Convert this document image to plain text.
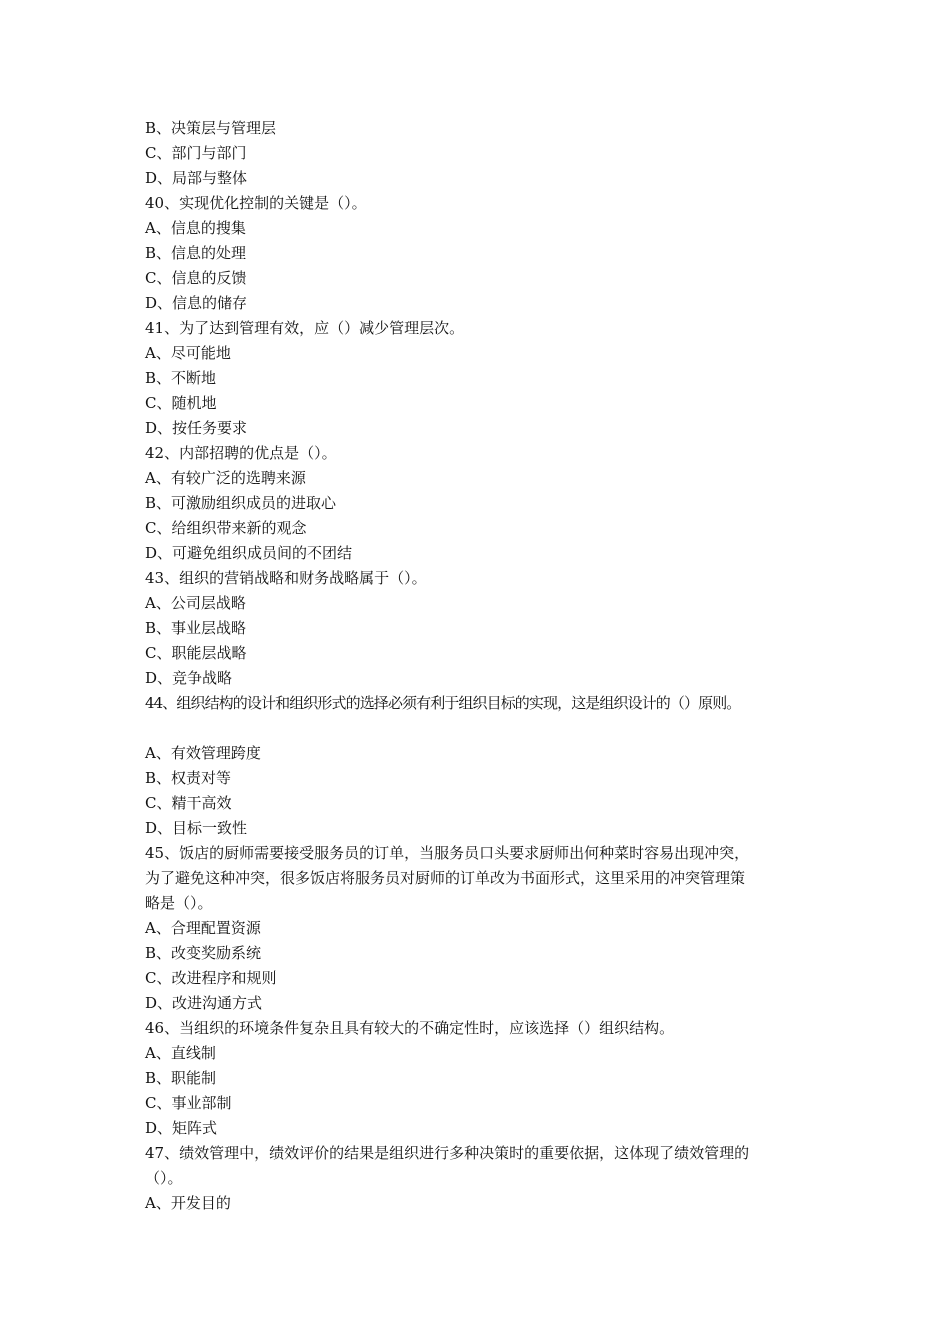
B、决策层与管理层
C、部门与部门
D、局部与整体
40、实现优化控制的关键是（）。
A、信息的搜集
B、信息的处理
C、信息的反馈
D、信息的储存
41、为了达到管理有效，应（）减少管理层次。
A、尽可能地
B、不断地
C、随机地
D、按任务要求
42、内部招聘的优点是（）。
A、有较广泛的选聘来源
B、可激励组织成员的进取心
C、给组织带来新的观念
D、可避免组织成员间的不团结
43、组织的营销战略和财务战略属于（）。
A、公司层战略
B、事业层战略
C、职能层战略
D、竞争战略
44、组织结构的设计和组织形式的选择必须有利于组织目标的实现，这是组织设计的（）原则。
A、有效管理跨度
B、权责对等
C、精干高效
D、目标一致性
45、饭店的厨师需要接受服务员的订单，当服务员口头要求厨师出何种菜时容易出现冲突，
为了避免这种冲突，很多饭店将服务员对厨师的订单改为书面形式，这里采用的冲突管理策
略是（）。
A、合理配置资源
B、改变奖励系统
C、改进程序和规则
D、改进沟通方式
46、当组织的环境条件复杂且具有较大的不确定性时，应该选择（）组织结构。
A、直线制
B、职能制
C、事业部制
D、矩阵式
47、绩效管理中，绩效评价的结果是组织进行多种决策时的重要依据，这体现了绩效管理的
（）。
A、开发目的
